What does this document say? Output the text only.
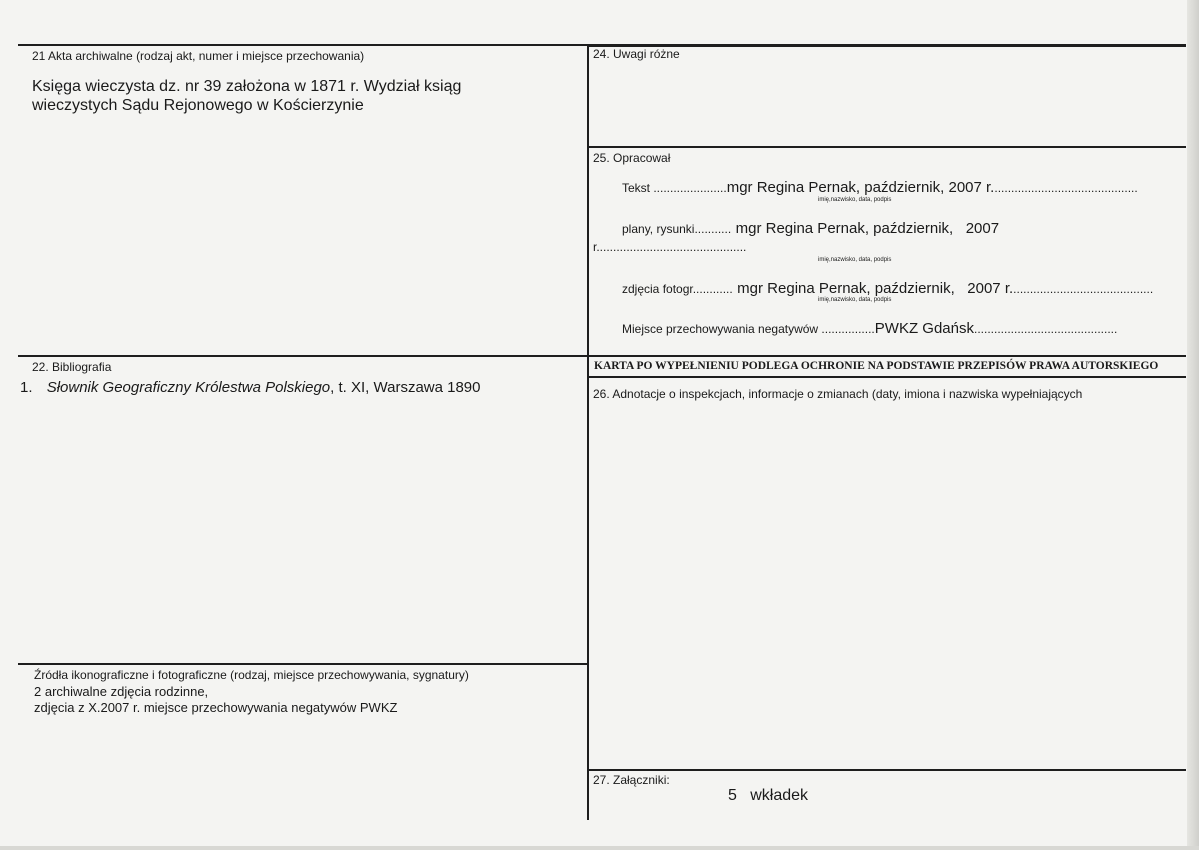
21 Akta archiwalne (rodzaj akt, numer i miejsce przechowania)
Księga wieczysta dz. nr 39 założona w 1871 r. Wydział ksiąg
wieczystych Sądu Rejonowego w Kościerzynie
22. Bibliografia
1. Słownik Geograficzny Królestwa Polskiego, t. XI, Warszawa 1890
Źródła ikonograficzne i fotograficzne (rodzaj, miejsce przechowywania, sygnatury)
2 archiwalne zdjęcia rodzinne,
zdjęcia z X.2007 r. miejsce przechowywania negatywów PWKZ
24. Uwagi różne
25. Opracował
Tekst ......................mgr Regina Pernak, październik, 2007 r............................................
imię,nazwisko, data, podpis
plany, rysunki........... mgr Regina Pernak, październik,   2007
r.............................................
imię,nazwisko, data, podpis
zdjęcia fotogr............ mgr Regina Pernak, październik,   2007 r...........................................
imię,nazwisko, data, podpis
Miejsce przechowywania negatywów ................PWKZ Gdańsk...........................................
KARTA PO WYPEŁNIENIU PODLEGA OCHRONIE NA PODSTAWIE PRZEPISÓW PRAWA AUTORSKIEGO
26. Adnotacje o inspekcjach, informacje o zmianach (daty, imiona i nazwiska wypełniających
27. Załączniki:
5   wkładek
